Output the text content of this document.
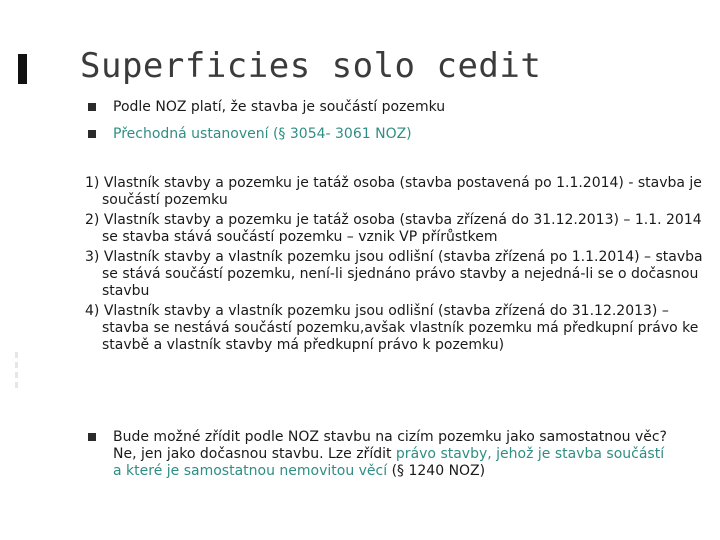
Superficies solo cedit
Podle NOZ platí, že stavba je součástí pozemku
Přechodná ustanovení (§ 3054- 3061 NOZ)
1) Vlastník stavby a pozemku je tatáž osoba (stavba postavená po 1.1.2014) - stavba je součástí pozemku
2) Vlastník stavby a pozemku je tatáž osoba (stavba zřízená do 31.12.2013) – 1.1. 2014 se stavba stává součástí pozemku – vznik VP přírůstkem
3) Vlastník stavby a vlastník pozemku jsou odlišní (stavba zřízená po 1.1.2014) – stavba se stává součástí pozemku, není-li sjednáno právo stavby a nejedná-li se o dočasnou stavbu
4) Vlastník stavby a vlastník pozemku jsou odlišní (stavba zřízená do 31.12.2013) – stavba se nestává součástí pozemku,avšak vlastník pozemku má předkupní právo ke stavbě a vlastník stavby má předkupní právo k pozemku)
Bude možné zřídit podle NOZ stavbu na cizím pozemku jako samostatnou věc? Ne, jen jako dočasnou stavbu. Lze zřídit právo stavby, jehož je stavba součástí a které je samostatnou nemovitou věcí (§ 1240 NOZ)
